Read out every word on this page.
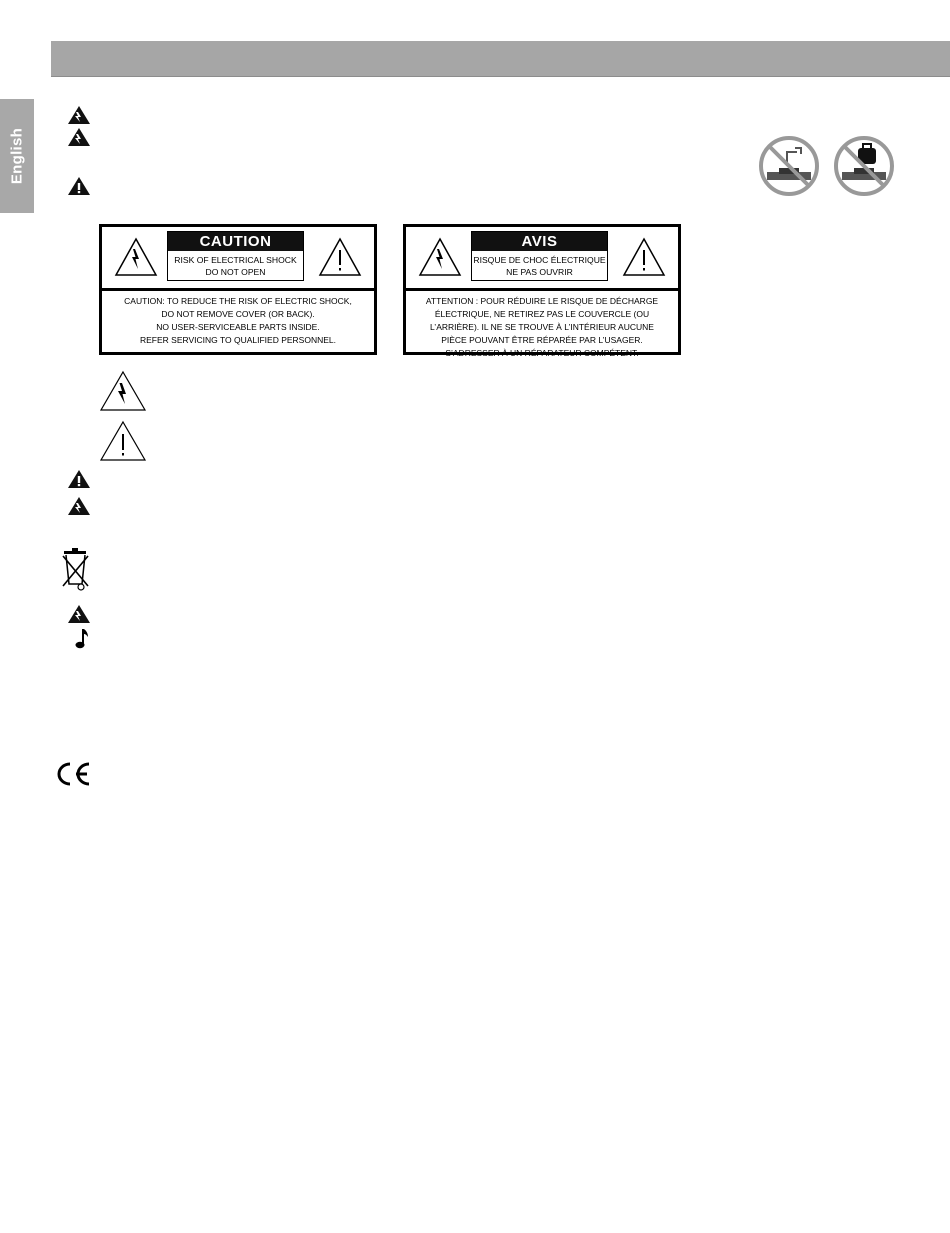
English
CAUTION
RISK OF ELECTRICAL SHOCK
DO NOT OPEN
CAUTION: TO REDUCE THE RISK OF ELECTRIC SHOCK,
DO NOT REMOVE COVER (OR BACK).
NO USER-SERVICEABLE PARTS INSIDE.
REFER SERVICING TO QUALIFIED PERSONNEL.
AVIS
RISQUE DE CHOC ÉLECTRIQUE
NE PAS OUVRIR
ATTENTION : POUR RÉDUIRE LE RISQUE DE DÉCHARGE
ÉLECTRIQUE, NE RETIREZ PAS LE COUVERCLE (OU
L’ARRIÈRE). IL NE SE TROUVE À L’INTÉRIEUR AUCUNE
PIÈCE POUVANT ÊTRE RÉPARÉE PAR L’USAGER.
S’ADRESSER À UN RÉPARATEUR COMPÉTENT.
